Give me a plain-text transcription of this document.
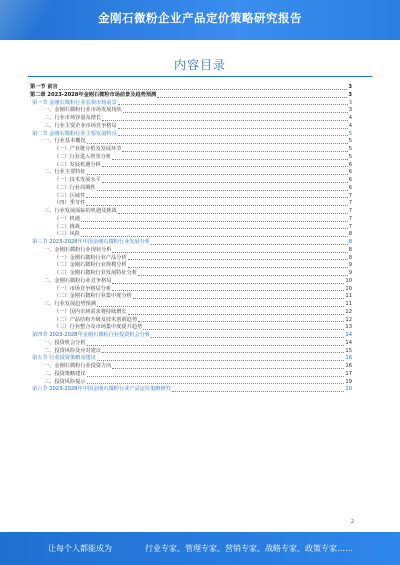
金刚石微粉企业产品定价策略研究报告
内容目录
第一节 前言	3
第二章 2023-2028年金刚石微粉市场前景及趋势预测	3
第一节 金刚石微粉行业宏观市场前景	3
一、金刚石微粉行业市场发展现状	3
二、行业市场容量及增长	4
三、行业主要企业市场竞争格局	4
第二节 金刚石微粉行业主要发展特点	5
一、行业基本概况	5
（一）产业链分析及发展环节	5
（二）行业进入壁垒分析	5
（三）发展机遇分析	6
二、行业主要特征	6
（一）技术发展水平	6
（二）行业周期性	6
（三）区域性	7
（四）季节性	7
三、行业发展面临的机遇及挑战	7
（一）机遇	7
（二）挑战	7
（三）风险	8
第三节 2023-2028年中国金刚石微粉行业发展分析	8
一、金刚石微粉行业现状分析	8
（一）金刚石微粉行业产品分析	8
（二）金刚石微粉行业规模分析	9
（三）金刚石微粉行业发展特征分析	9
二、金刚石微粉行业竞争格局	10
（一）市场竞争格局分析	10
（二）金刚石微粉行业集中度分析	11
三、行业发展趋势预测	11
（一）国内市场需求将持续增长	12
（二）产品结构升级及技术创新趋势	12
（三）行业整合及市场集中度提升趋势	13
第四节 2023-2028年金刚石微粉行业投资机会分析	14
一、投资机会分析	14
二、投资风险及应对建议	15
第五节 行业投资策略及建议	16
一、金刚石微粉行业投资方向	16
二、投资策略建议	17
三、投资风险提示	19
第六节 2023-2028年中国金刚石微粉行业产品定价策略研究	20
2
让每个人都能成为	行业专家、管理专家、营销专家、战略专家、政策专家……
